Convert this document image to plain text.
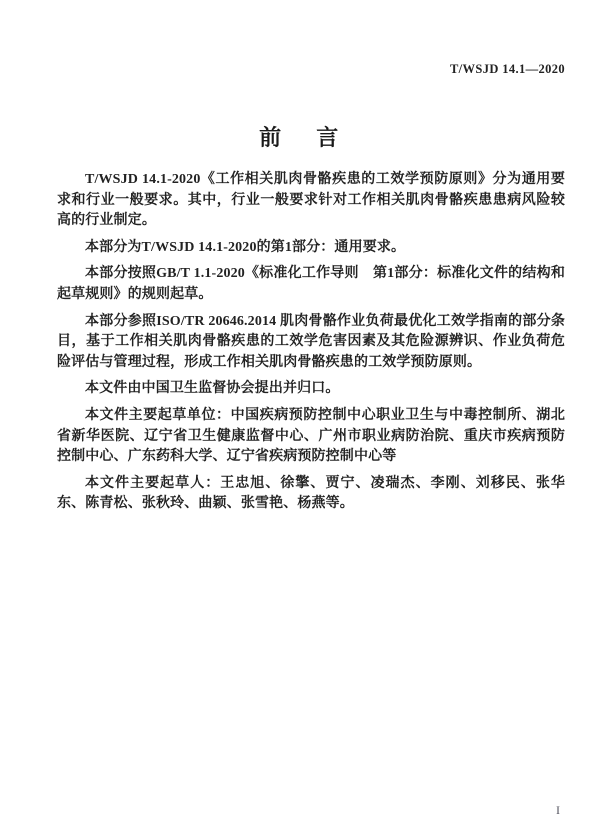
T/WSJD 14.1—2020
前　言

T/WSJD 14.1-2020《工作相关肌肉骨骼疾患的工效学预防原则》分为通用要求和行业一般要求。其中，行业一般要求针对工作相关肌肉骨骼疾患患病风险较高的行业制定。

本部分为T/WSJD 14.1-2020的第1部分：通用要求。

本部分按照GB/T 1.1-2020《标准化工作导则　第1部分：标准化文件的结构和起草规则》的规则起草。

本部分参照ISO/TR 20646.2014 肌肉骨骼作业负荷最优化工效学指南的部分条目，基于工作相关肌肉骨骼疾患的工效学危害因素及其危险源辨识、作业负荷危险评估与管理过程，形成工作相关肌肉骨骼疾患的工效学预防原则。

本文件由中国卫生监督协会提出并归口。

本文件主要起草单位：中国疾病预防控制中心职业卫生与中毒控制所、湖北省新华医院、辽宁省卫生健康监督中心、广州市职业病防治院、重庆市疾病预防控制中心、广东药科大学、辽宁省疾病预防控制中心等

本文件主要起草人：王忠旭、徐擎、贾宁、凌瑞杰、李刚、刘移民、张华东、陈青松、张秋玲、曲颖、张雪艳、杨燕等。

I
